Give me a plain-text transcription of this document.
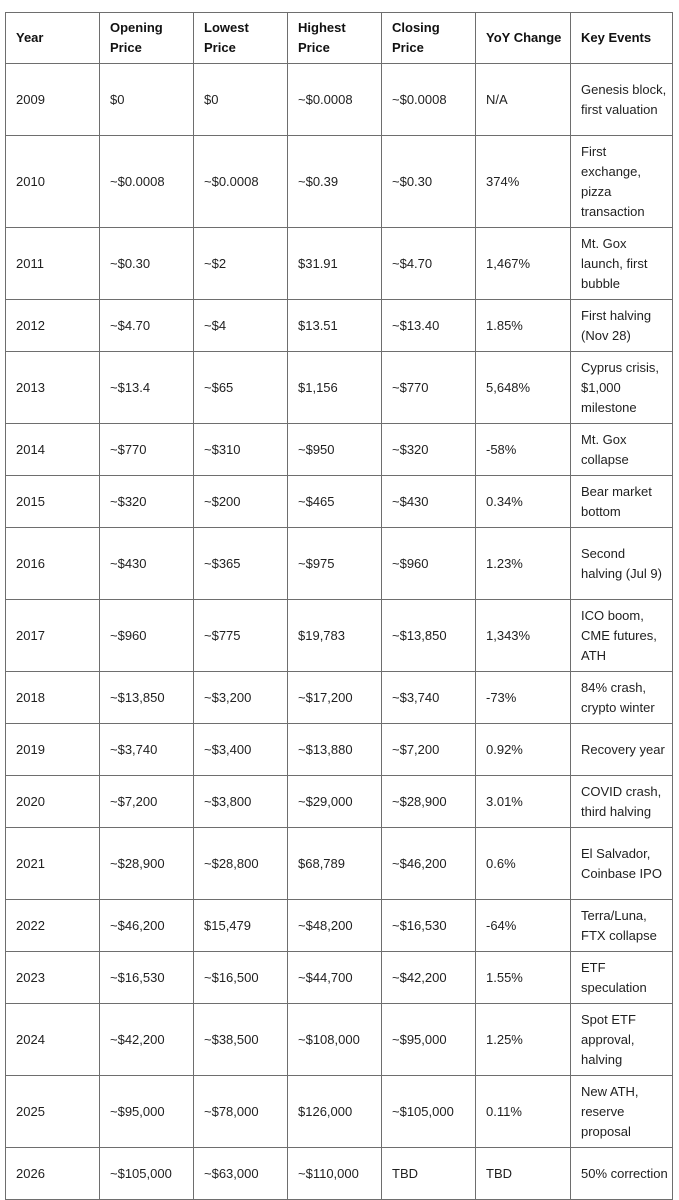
Year	Opening Price	Lowest Price	Highest Price	Closing Price	YoY Change	Key Events
2009	$0	$0	~$0.0008	~$0.0008	N/A	Genesis block, first valuation
2010	~$0.0008	~$0.0008	~$0.39	~$0.30	374%	First exchange, pizza transaction
2011	~$0.30	~$2	$31.91	~$4.70	1,467%	Mt. Gox launch, first bubble
2012	~$4.70	~$4	$13.51	~$13.40	1.85%	First halving (Nov 28)
2013	~$13.4	~$65	$1,156	~$770	5,648%	Cyprus crisis, $1,000 milestone
2014	~$770	~$310	~$950	~$320	-58%	Mt. Gox collapse
2015	~$320	~$200	~$465	~$430	0.34%	Bear market bottom
2016	~$430	~$365	~$975	~$960	1.23%	Second halving (Jul 9)
2017	~$960	~$775	$19,783	~$13,850	1,343%	ICO boom, CME futures, ATH
2018	~$13,850	~$3,200	~$17,200	~$3,740	-73%	84% crash, crypto winter
2019	~$3,740	~$3,400	~$13,880	~$7,200	0.92%	Recovery year
2020	~$7,200	~$3,800	~$29,000	~$28,900	3.01%	COVID crash, third halving
2021	~$28,900	~$28,800	$68,789	~$46,200	0.6%	El Salvador, Coinbase IPO
2022	~$46,200	$15,479	~$48,200	~$16,530	-64%	Terra/Luna, FTX collapse
2023	~$16,530	~$16,500	~$44,700	~$42,200	1.55%	ETF speculation
2024	~$42,200	~$38,500	~$108,000	~$95,000	1.25%	Spot ETF approval, halving
2025	~$95,000	~$78,000	$126,000	~$105,000	0.11%	New ATH, reserve proposal
2026	~$105,000	~$63,000	~$110,000	TBD	TBD	50% correction
